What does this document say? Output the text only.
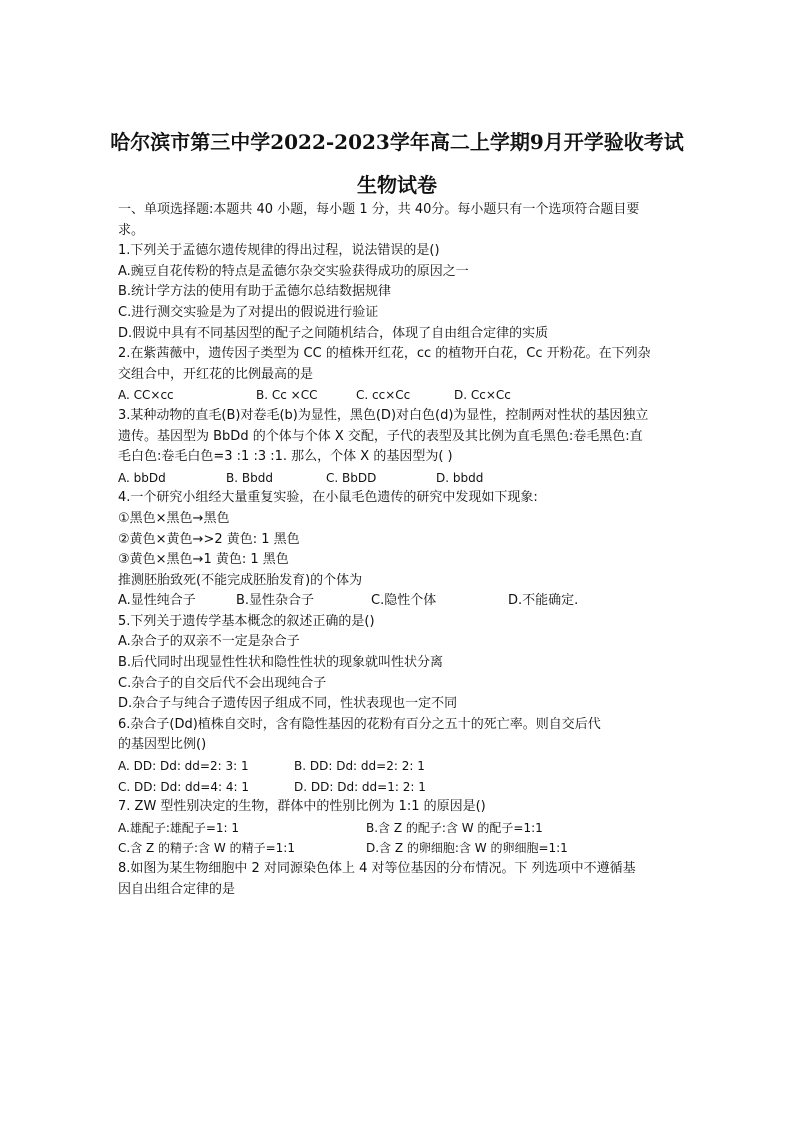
哈尔滨市第三中学2022-2023学年高二上学期9月开学验收考试
生物试卷
一、单项选择题:本题共 40 小题，每小题 1 分，共 40分。每小题只有一个选项符合题目要
求。
1.下列关于孟德尔遗传规律的得出过程，说法错误的是()
A.豌豆自花传粉的特点是孟德尔杂交实验获得成功的原因之一
B.统计学方法的使用有助于孟德尔总结数据规律
C.进行测交实验是为了对提出的假说进行验证
D.假说中具有不同基因型的配子之间随机结合，体现了自由组合定律的实质
2.在紫茜薇中，遗传因子类型为 CC 的植株开红花，cc 的植物开白花，Cc 开粉花。在下列杂
交组合中，开红花的比例最高的是
A. CC×cc	B. Cc ×CC	C. cc×Cc	D. Cc×Cc
3.某种动物的直毛(B)对卷毛(b)为显性，黑色(D)对白色(d)为显性，控制两对性状的基因独立
遗传。基因型为 BbDd 的个体与个体 X 交配，子代的表型及其比例为直毛黑色:卷毛黑色:直
毛白色:卷毛白色=3 :1 :3 :1. 那么，个体 X 的基因型为( )
A. bbDd	B. Bbdd	C. BbDD	D. bbdd
4.一个研究小组经大量重复实验，在小鼠毛色遗传的研究中发现如下现象:
①黑色×黑色→黑色
②黄色×黄色→>2 黄色: 1 黑色
③黄色×黑色→1 黄色: 1 黑色
推测胚胎致死(不能完成胚胎发育)的个体为
A.显性纯合子	B.显性杂合子	C.隐性个体	D.不能确定.
5.下列关于遗传学基本概念的叙述正确的是()
A.杂合子的双亲不一定是杂合子
B.后代同时出现显性性状和隐性性状的现象就叫性状分离
C.杂合子的自交后代不会出现纯合子
D.杂合子与纯合子遗传因子组成不同，性状表现也一定不同
6.杂合子(Dd)植株自交时，含有隐性基因的花粉有百分之五十的死亡率。则自交后代
的基因型比例()
A. DD: Dd: dd=2: 3: 1	B. DD: Dd: dd=2: 2: 1
C. DD: Dd: dd=4: 4: 1	D. DD: Dd: dd=1: 2: 1
7. ZW 型性别决定的生物，群体中的性别比例为 1:1 的原因是()
A.雄配子:雄配子=1: 1	B.含 Z 的配子:含 W 的配子=1:1
C.含 Z 的精子:含 W 的精子=1:1	D.含 Z 的卵细胞:含 W 的卵细胞=1:1
8.如图为某生物细胞中 2 对同源染色体上 4 对等位基因的分布情况。下 列选项中不遵循基
因自出组合定律的是
